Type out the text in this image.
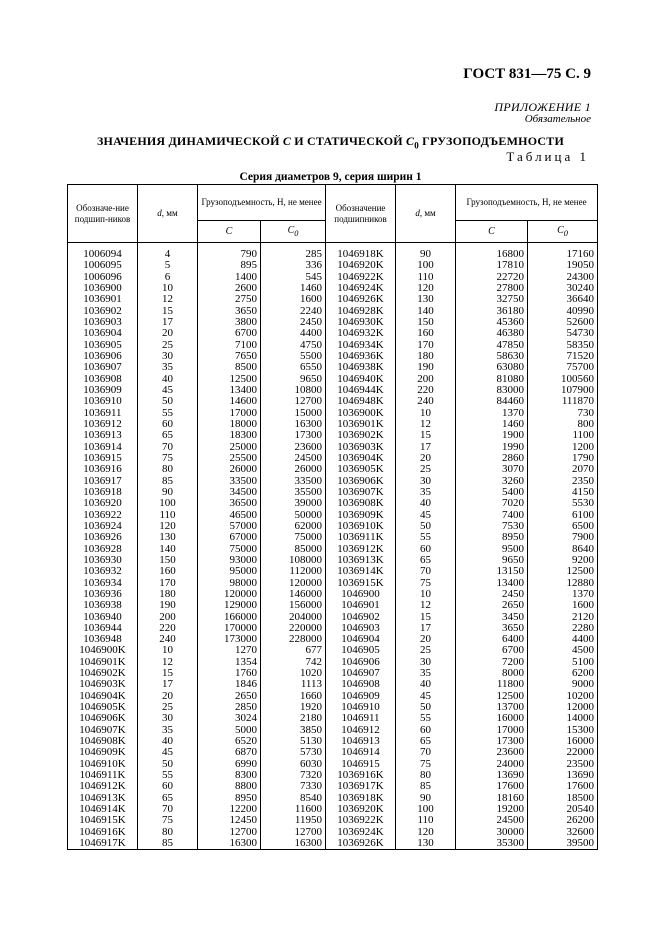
ГОСТ 831—75 С. 9
ПРИЛОЖЕНИЕ 1
Обязательное
ЗНАЧЕНИЯ ДИНАМИЧЕСКОЙ C И СТАТИЧЕСКОЙ $C_0$ ГРУЗОПОДЪЕМНОСТИ
Таблица 1
Серия диаметров 9, серия ширин 1
Обозначе-ние подшип-ников	d, мм	Грузоподъемность, Н, не менее		Обозначение подшипников	d, мм	Грузоподъемность, Н, не менее	
		C	$C_0$			C	$C_0$
1006094	4	790	285	1046918K	90	16800	17160
1006095	5	895	336	1046920K	100	17810	19050
1006096	6	1400	545	1046922K	110	22720	24300
1036900	10	2600	1460	1046924K	120	27800	30240
1036901	12	2750	1600	1046926K	130	32750	36640
1036902	15	3650	2240	1046928K	140	36180	40990
1036903	17	3800	2450	1046930K	150	45360	52600
1036904	20	6700	4400	1046932K	160	46380	54730
1036905	25	7100	4750	1046934K	170	47850	58350
1036906	30	7650	5500	1046936K	180	58630	71520
1036907	35	8500	6550	1046938K	190	63080	75700
1036908	40	12500	9650	1046940K	200	81080	100560
1036909	45	13400	10800	1046944K	220	83000	107900
1036910	50	14600	12700	1046948K	240	84460	111870
1036911	55	17000	15000	1036900K	10	1370	730
1036912	60	18000	16300	1036901K	12	1460	800
1036913	65	18300	17300	1036902K	15	1900	1100
1036914	70	25000	23600	1036903K	17	1990	1200
1036915	75	25500	24500	1036904K	20	2860	1790
1036916	80	26000	26000	1036905K	25	3070	2070
1036917	85	33500	33500	1036906K	30	3260	2350
1036918	90	34500	35500	1036907K	35	5400	4150
1036920	100	36500	39000	1036908K	40	7020	5530
1036922	110	46500	50000	1036909K	45	7400	6100
1036924	120	57000	62000	1036910K	50	7530	6500
1036926	130	67000	75000	1036911K	55	8950	7900
1036928	140	75000	85000	1036912K	60	9500	8640
1036930	150	93000	108000	1036913K	65	9650	9200
1036932	160	95000	112000	1036914K	70	13150	12500
1036934	170	98000	120000	1036915K	75	13400	12880
1036936	180	120000	146000	1046900	10	2450	1370
1036938	190	129000	156000	1046901	12	2650	1600
1036940	200	166000	204000	1046902	15	3450	2120
1036944	220	170000	220000	1046903	17	3650	2280
1036948	240	173000	228000	1046904	20	6400	4400
1046900K	10	1270	677	1046905	25	6700	4500
1046901K	12	1354	742	1046906	30	7200	5100
1046902K	15	1760	1020	1046907	35	8000	6200
1046903K	17	1846	1113	1046908	40	11800	9000
1046904K	20	2650	1660	1046909	45	12500	10200
1046905K	25	2850	1920	1046910	50	13700	12000
1046906K	30	3024	2180	1046911	55	16000	14000
1046907K	35	5000	3850	1046912	60	17000	15300
1046908K	40	6520	5130	1046913	65	17300	16000
1046909K	45	6870	5730	1046914	70	23600	22000
1046910K	50	6990	6030	1046915	75	24000	23500
1046911K	55	8300	7320	1036916K	80	13690	13690
1046912K	60	8800	7330	1036917K	85	17600	17600
1046913K	65	8950	8540	1036918K	90	18160	18500
1046914K	70	12200	11600	1036920K	100	19200	20540
1046915K	75	12450	11950	1036922K	110	24500	26200
1046916K	80	12700	12700	1036924K	120	30000	32600
1046917K	85	16300	16300	1036926K	130	35300	39500
